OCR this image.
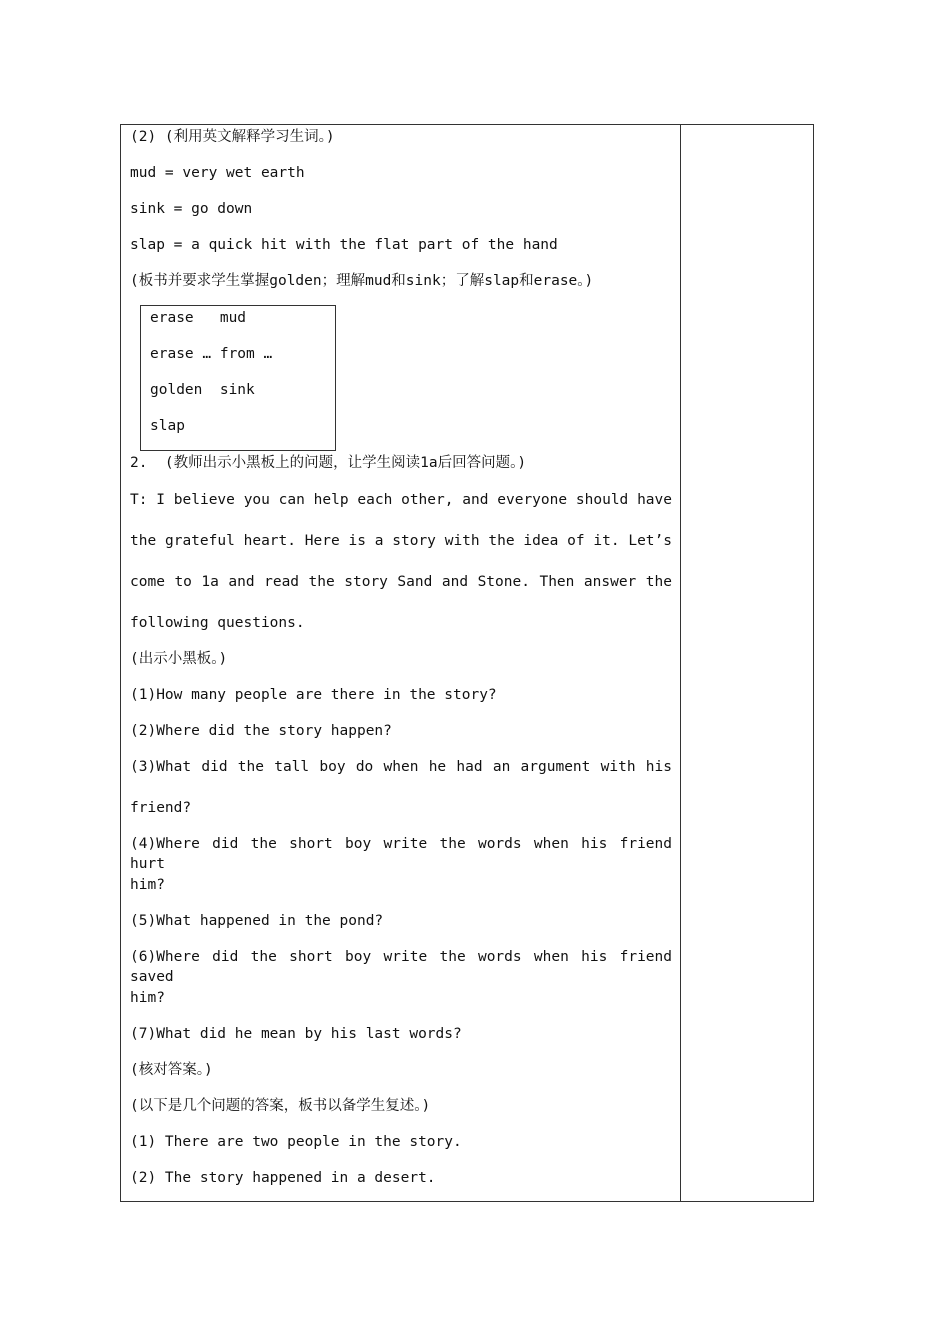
(2) (利用英文解释学习生词。)
mud = very wet earth
sink = go down
slap = a quick hit with the flat part of the hand
(板书并要求学生掌握golden；理解mud和sink；了解slap和erase。)
erase   mud
erase … from …
golden  sink
slap
2.  (教师出示小黑板上的问题，让学生阅读1a后回答问题。)
T: I believe you can help each other, and everyone should have
the grateful heart. Here is a story with the idea of it. Let’s
come to 1a and read the story Sand and Stone. Then answer the
following questions.
(出示小黑板。)
(1)How many people are there in the story?
(2)Where did the story happen?
(3)What did the tall boy do when he had an argument with his
friend?
(4)Where did the short boy write the words when his friend hurt
him?
(5)What happened in the pond?
(6)Where did the short boy write the words when his friend saved
him?
(7)What did he mean by his last words?
(核对答案。)
(以下是几个问题的答案，板书以备学生复述。)
(1) There are two people in the story.
(2) The story happened in a desert.
